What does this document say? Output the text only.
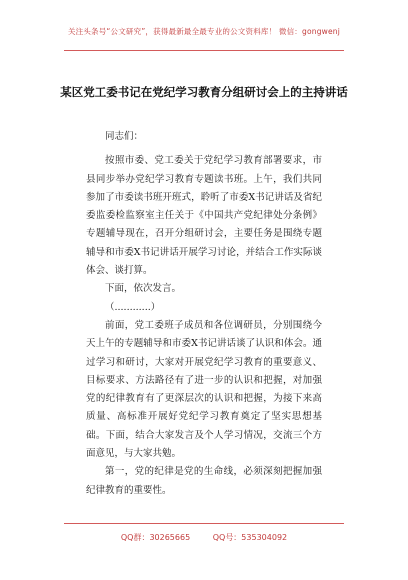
关注头条号“公文研究”，获得最新最全最专业的公文资料库！ 微信：gongwenj
某区党工委书记在党纪学习教育分组研讨会上的主持讲话

同志们：

按照市委、党工委关于党纪学习教育部署要求，市县同步举办党纪学习教育专题读书班。上午，我们共同参加了市委读书班开班式，聆听了市委X书记讲话及省纪委监委检监察室主任关于《中国共产党纪律处分条例》专题辅导现在，召开分组研讨会，主要任务是围绕专题辅导和市委X书记讲话开展学习讨论，并结合工作实际谈体会、谈打算。

下面，依次发言。

（............）

前面，党工委班子成员和各位调研员，分别围绕今天上午的专题辅导和市委X书记讲话谈了认识和体会。通过学习和研讨，大家对开展党纪学习教育的重要意义、目标要求、方法路径有了进一步的认识和把握，对加强党的纪律教育有了更深层次的认识和把握，为接下来高质量、高标准开展好党纪学习教育奠定了坚实思想基础。下面，结合大家发言及个人学习情况，交流三个方面意见，与大家共勉。

第一，党的纪律是党的生命线，必须深刻把握加强纪律教育的重要性。

QQ群：30265665	QQ号：535304092
